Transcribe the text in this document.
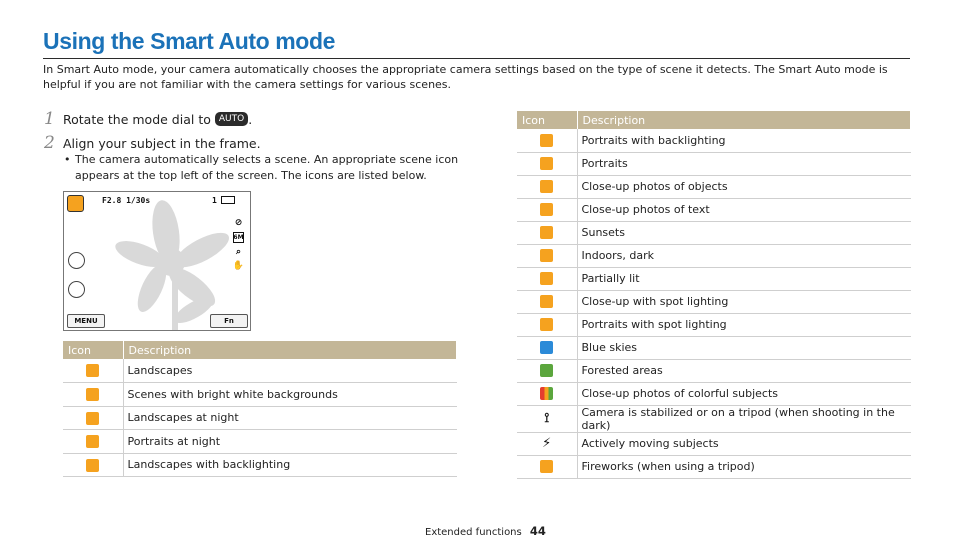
Using the Smart Auto mode
In Smart Auto mode, your camera automatically chooses the appropriate camera settings based on the type of scene it detects. The Smart Auto mode is helpful if you are not familiar with the camera settings for various scenes.
1 Rotate the mode dial to AUTO .
2 Align your subject in the frame.
• The camera automatically selects a scene. An appropriate scene icon appears at the top left of the screen. The icons are listed below.
F2.8 1/30s	1
⊘
6M
⌕
✋
MENU	Fn
Icon	Description
	Landscapes
	Scenes with bright white backgrounds
	Landscapes at night
	Portraits at night
	Landscapes with backlighting
Icon	Description
	Portraits with backlighting
	Portraits
	Close-up photos of objects
	Close-up photos of text
	Sunsets
	Indoors, dark
	Partially lit
	Close-up with spot lighting
	Portraits with spot lighting
	Blue skies
	Forested areas
	Close-up photos of colorful subjects
⟟	Camera is stabilized or on a tripod (when shooting in the dark)
⚡	Actively moving subjects
	Fireworks (when using a tripod)
Extended functions 44
